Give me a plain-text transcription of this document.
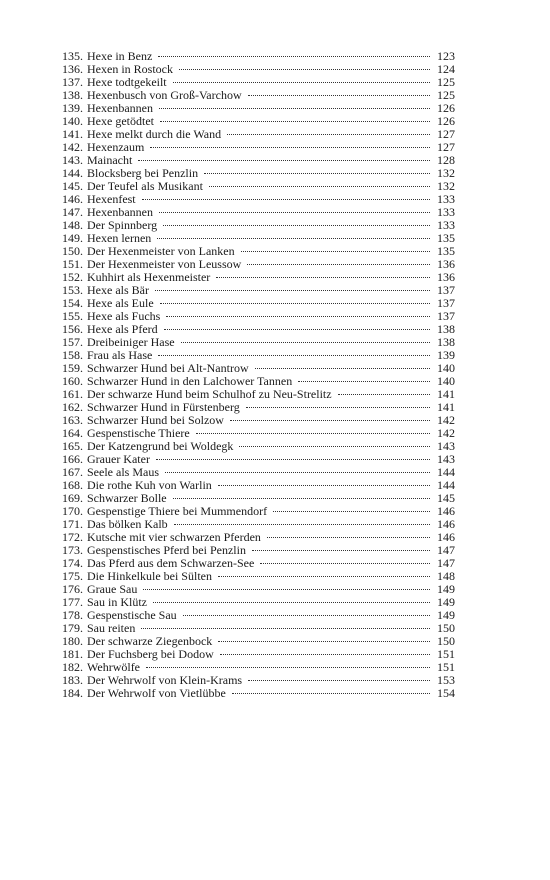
135. Hexe in Benz	123
136. Hexen in Rostock	124
137. Hexe todtgekeilt	125
138. Hexenbusch von Groß-Varchow	125
139. Hexenbannen	126
140. Hexe getödtet	126
141. Hexe melkt durch die Wand	127
142. Hexenzaum	127
143. Mainacht	128
144. Blocksberg bei Penzlin	132
145. Der Teufel als Musikant	132
146. Hexenfest	133
147. Hexenbannen	133
148. Der Spinnberg	133
149. Hexen lernen	135
150. Der Hexenmeister von Lanken	135
151. Der Hexenmeister von Leussow	136
152. Kuhhirt als Hexenmeister	136
153. Hexe als Bär	137
154. Hexe als Eule	137
155. Hexe als Fuchs	137
156. Hexe als Pferd	138
157. Dreibeiniger Hase	138
158. Frau als Hase	139
159. Schwarzer Hund bei Alt-Nantrow	140
160. Schwarzer Hund in den Lalchower Tannen	140
161. Der schwarze Hund beim Schulhof zu Neu-Strelitz	141
162. Schwarzer Hund in Fürstenberg	141
163. Schwarzer Hund bei Solzow	142
164. Gespenstische Thiere	142
165. Der Katzengrund bei Woldegk	143
166. Grauer Kater	143
167. Seele als Maus	144
168. Die rothe Kuh von Warlin	144
169. Schwarzer Bolle	145
170. Gespenstige Thiere bei Mummendorf	146
171. Das bölken Kalb	146
172. Kutsche mit vier schwarzen Pferden	146
173. Gespenstisches Pferd bei Penzlin	147
174. Das Pferd aus dem Schwarzen-See	147
175. Die Hinkelkule bei Sülten	148
176. Graue Sau	149
177. Sau in Klütz	149
178. Gespenstische Sau	149
179. Sau reiten	150
180. Der schwarze Ziegenbock	150
181. Der Fuchsberg bei Dodow	151
182. Wehrwölfe	151
183. Der Wehrwolf von Klein-Krams	153
184. Der Wehrwolf von Vietlübbe	154
